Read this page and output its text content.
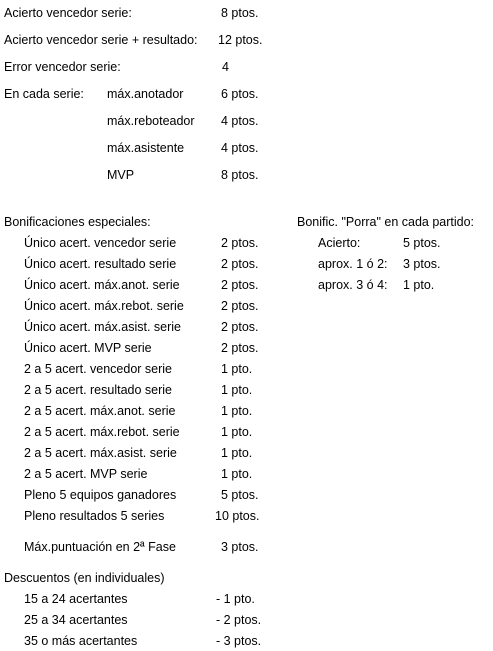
Acierto vencedor serie:	8 ptos.
Acierto vencedor serie + resultado: 12 ptos.
Error vencedor serie:	4
En cada serie: máx.anotador	6 ptos.
máx.reboteador 4 ptos.
máx.asistente	4 ptos.
MVP	8 ptos.
Bonificaciones especiales:
Único acert. vencedor serie	2 ptos.
Único acert. resultado serie	2 ptos.
Único acert. máx.anot. serie	2 ptos.
Único acert. máx.rebot. serie	2 ptos.
Único acert. máx.asist. serie	2 ptos.
Único acert. MVP serie	2 ptos.
2 a 5 acert. vencedor serie	1 pto.
2 a 5 acert. resultado serie	1 pto.
2 a 5 acert. máx.anot. serie	1 pto.
2 a 5 acert. máx.rebot. serie	1 pto.
2 a 5 acert. máx.asist. serie	1 pto.
2 a 5 acert. MVP serie	1 pto.
Pleno 5 equipos ganadores	5 ptos.
Pleno resultados 5 series	10 ptos.
Máx.puntuación en 2ª Fase	3 ptos.
Bonific. "Porra" en cada partido:
Acierto:	5 ptos.
aprox. 1 ó 2: 3 ptos.
aprox. 3 ó 4: 1 pto.
Descuentos (en individuales)
15 a 24 acertantes	- 1 pto.
25 a 34 acertantes	- 2 ptos.
35 o más acertantes	- 3 ptos.
